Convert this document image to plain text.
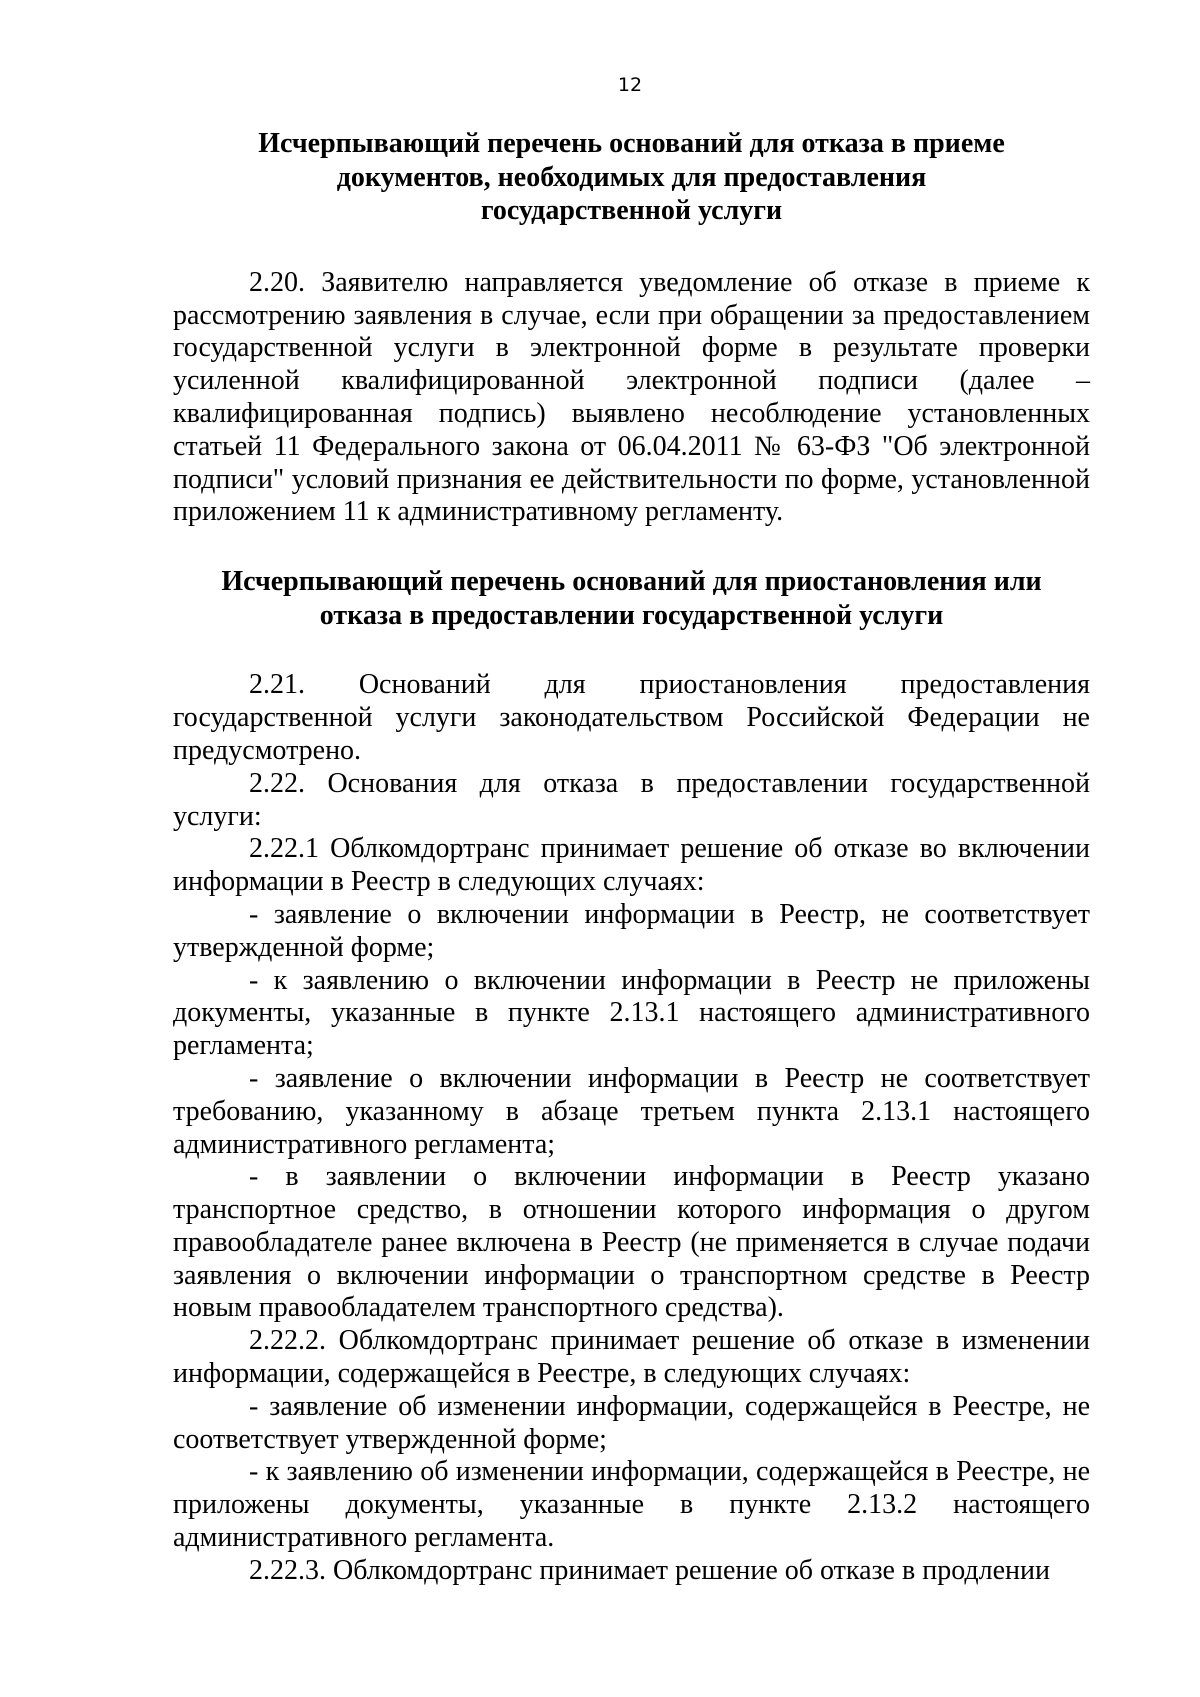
12
Исчерпывающий перечень оснований для отказа в приеме
документов, необходимых для предоставления
государственной услуги

2.20. Заявителю направляется уведомление об отказе в приеме к рассмотрению заявления в случае, если при обращении за предоставлением государственной услуги в электронной форме в результате проверки усиленной квалифицированной электронной подписи (далее – квалифицированная подпись) выявлено несоблюдение установленных статьей 11 Федерального закона от 06.04.2011 № 63-ФЗ "Об электронной подписи" условий признания ее действительности по форме, установленной приложением 11 к административному регламенту.

Исчерпывающий перечень оснований для приостановления или
отказа в предоставлении государственной услуги

2.21. Оснований для приостановления предоставления государственной услуги законодательством Российской Федерации не предусмотрено.

2.22. Основания для отказа в предоставлении государственной услуги:

2.22.1 Облкомдортранс принимает решение об отказе во включении информации в Реестр в следующих случаях:

- заявление о включении информации в Реестр, не соответствует утвержденной форме;

- к заявлению о включении информации в Реестр не приложены документы, указанные в пункте 2.13.1 настоящего административного регламента;

- заявление о включении информации в Реестр не соответствует требованию, указанному в абзаце третьем пункта 2.13.1 настоящего административного регламента;

- в заявлении о включении информации в Реестр указано транспортное средство, в отношении которого информация о другом правообладателе ранее включена в Реестр (не применяется в случае подачи заявления о включении информации о транспортном средстве в Реестр новым правообладателем транспортного средства).

2.22.2. Облкомдортранс принимает решение об отказе в изменении информации, содержащейся в Реестре, в следующих случаях:

- заявление об изменении информации, содержащейся в Реестре, не соответствует утвержденной форме;

- к заявлению об изменении информации, содержащейся в Реестре, не приложены документы, указанные в пункте 2.13.2 настоящего административного регламента.

2.22.3. Облкомдортранс принимает решение об отказе в продлении
